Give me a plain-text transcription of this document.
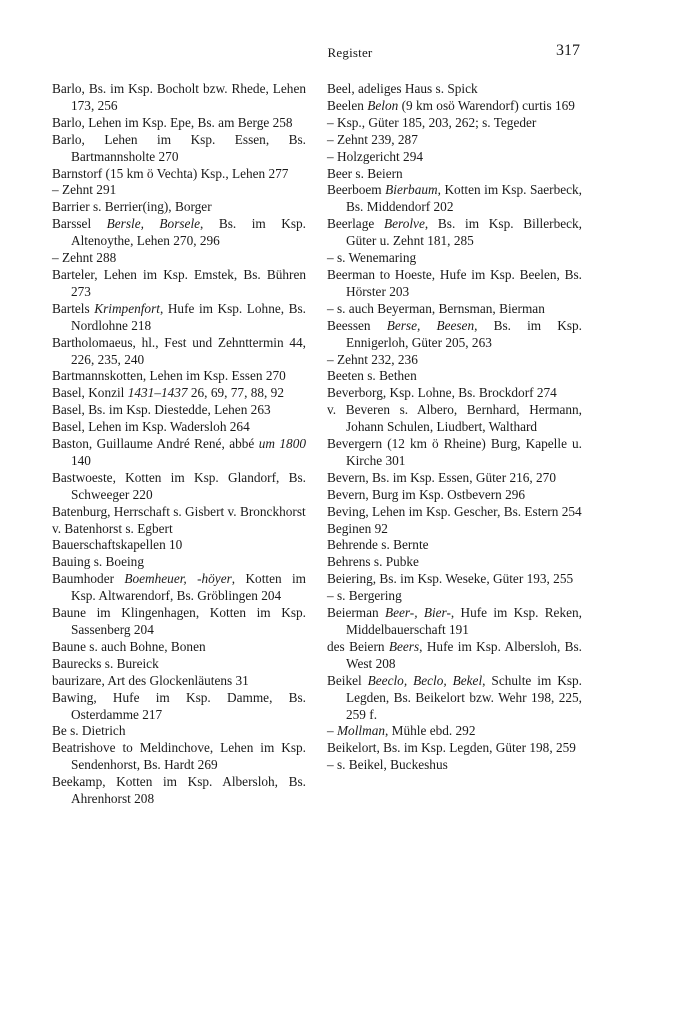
Register	317

Barlo, Bs. im Ksp. Bocholt bzw. Rhede, Lehen 173, 256

Barlo, Lehen im Ksp. Epe, Bs. am Berge 258

Barlo, Lehen im Ksp. Essen, Bs. Bartmannsholte 270

Barnstorf (15 km ö Vechta) Ksp., Lehen 277

– Zehnt 291

Barrier s. Berrier(ing), Borger

Barssel Bersle, Borsele, Bs. im Ksp. Altenoythe, Lehen 270, 296

– Zehnt 288

Barteler, Lehen im Ksp. Emstek, Bs. Bühren 273

Bartels Krimpenfort, Hufe im Ksp. Lohne, Bs. Nordlohne 218

Bartholomaeus, hl., Fest und Zehnttermin 44, 226, 235, 240

Bartmannskotten, Lehen im Ksp. Essen 270

Basel, Konzil 1431–1437 26, 69, 77, 88, 92

Basel, Bs. im Ksp. Diestedde, Lehen 263

Basel, Lehen im Ksp. Wadersloh 264

Baston, Guillaume André René, abbé um 1800 140

Bastwoeste, Kotten im Ksp. Glandorf, Bs. Schweeger 220

Batenburg, Herrschaft s. Gisbert v. Bronckhorst

v. Batenhorst s. Egbert

Bauerschaftskapellen 10

Bauing s. Boeing

Baumhoder Boemheuer, -höyer, Kotten im Ksp. Altwarendorf, Bs. Gröblingen 204

Baune im Klingenhagen, Kotten im Ksp. Sassenberg 204

Baune s. auch Bohne, Bonen

Baurecks s. Bureick

baurizare, Art des Glockenläutens 31

Bawing, Hufe im Ksp. Damme, Bs. Osterdamme 217

Be s. Dietrich

Beatrishove to Meldinchove, Lehen im Ksp. Sendenhorst, Bs. Hardt 269

Beekamp, Kotten im Ksp. Albersloh, Bs. Ahrenhorst 208

Beel, adeliges Haus s. Spick

Beelen Belon (9 km osö Warendorf) curtis 169

– Ksp., Güter 185, 203, 262; s. Tegeder

– Zehnt 239, 287

– Holzgericht 294

Beer s. Beiern

Beerboem Bierbaum, Kotten im Ksp. Saerbeck, Bs. Middendorf 202

Beerlage Berolve, Bs. im Ksp. Billerbeck, Güter u. Zehnt 181, 285

– s. Wenemaring

Beerman to Hoeste, Hufe im Ksp. Beelen, Bs. Hörster 203

– s. auch Beyerman, Bernsman, Bierman

Beessen Berse, Beesen, Bs. im Ksp. Ennigerloh, Güter 205, 263

– Zehnt 232, 236

Beeten s. Bethen

Beverborg, Ksp. Lohne, Bs. Brockdorf 274

v. Beveren s. Albero, Bernhard, Hermann, Johann Schulen, Liudbert, Walthard

Bevergern (12 km ö Rheine) Burg, Kapelle u. Kirche 301

Bevern, Bs. im Ksp. Essen, Güter 216, 270

Bevern, Burg im Ksp. Ostbevern 296

Beving, Lehen im Ksp. Gescher, Bs. Estern 254

Beginen 92

Behrende s. Bernte

Behrens s. Pubke

Beiering, Bs. im Ksp. Weseke, Güter 193, 255

– s. Bergering

Beierman Beer-, Bier-, Hufe im Ksp. Reken, Middelbauerschaft 191

des Beiern Beers, Hufe im Ksp. Albersloh, Bs. West 208

Beikel Beeclo, Beclo, Bekel, Schulte im Ksp. Legden, Bs. Beikelort bzw. Wehr 198, 225, 259 f.

– Mollman, Mühle ebd. 292

Beikelort, Bs. im Ksp. Legden, Güter 198, 259

– s. Beikel, Buckeshus
